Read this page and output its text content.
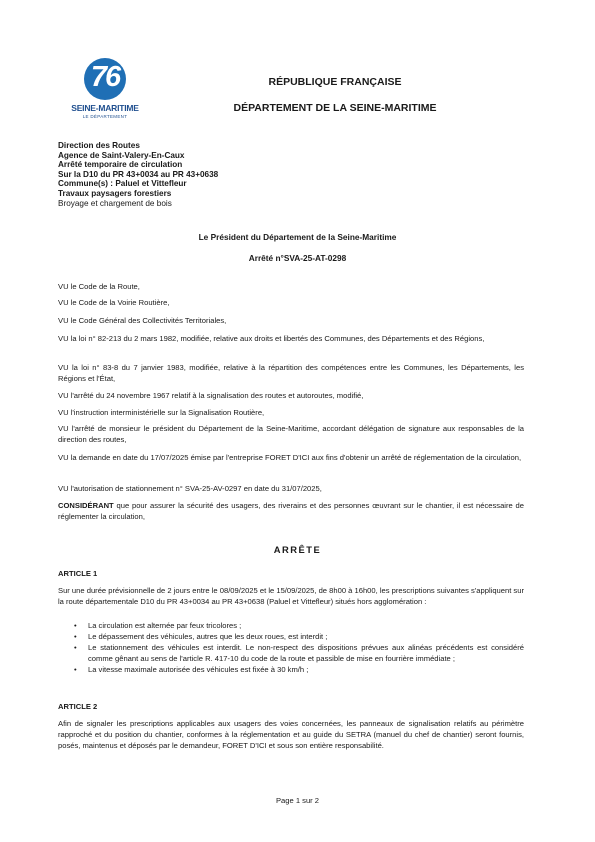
76
SEINE-MARITIME
LE DÉPARTEMENT
RÉPUBLIQUE FRANÇAISE
DÉPARTEMENT DE LA SEINE-MARITIME
Direction des Routes
Agence de Saint-Valery-En-Caux
Arrêté temporaire de circulation
Sur la D10 du PR 43+0034 au PR 43+0638
Commune(s) : Paluel et Vittefleur
Travaux paysagers forestiers
Broyage et chargement de bois
Le Président du Département de la Seine-Maritime
Arrêté n°SVA-25-AT-0298
VU le Code de la Route,
VU le Code de la Voirie Routière,
VU le Code Général des Collectivités Territoriales,
VU la loi n° 82-213 du 2 mars 1982, modifiée, relative aux droits et libertés des Communes, des Départements et des Régions,
VU la loi n° 83-8 du 7 janvier 1983, modifiée, relative à la répartition des compétences entre les Communes, les Départements, les Régions et l'État,
VU l'arrêté du 24 novembre 1967 relatif à la signalisation des routes et autoroutes, modifié,
VU l'instruction interministérielle sur la Signalisation Routière,
VU l'arrêté de monsieur le président du Département de la Seine-Maritime, accordant délégation de signature aux responsables de la direction des routes,
VU la demande en date du 17/07/2025 émise par l'entreprise FORET D'ICI aux fins d'obtenir un arrêté de réglementation de la circulation,
VU l'autorisation de stationnement n° SVA-25-AV-0297 en date du 31/07/2025,
CONSIDÉRANT que pour assurer la sécurité des usagers, des riverains et des personnes œuvrant sur le chantier, il est nécessaire de réglementer la circulation,
ARRÊTE
ARTICLE 1
Sur une durée prévisionnelle de 2 jours entre le 08/09/2025 et le 15/09/2025, de 8h00 à 16h00, les prescriptions suivantes s'appliquent sur la route départementale D10 du PR 43+0034 au PR 43+0638 (Paluel et Vittefleur) situés hors agglomération :
• La circulation est alternée par feux tricolores ;
• Le dépassement des véhicules, autres que les deux roues, est interdit ;
• Le stationnement des véhicules est interdit. Le non-respect des dispositions prévues aux alinéas précédents est considéré comme gênant au sens de l'article R. 417-10 du code de la route et passible de mise en fourrière immédiate ;
• La vitesse maximale autorisée des véhicules est fixée à 30 km/h ;
ARTICLE 2
Afin de signaler les prescriptions applicables aux usagers des voies concernées, les panneaux de signalisation relatifs au périmètre rapproché et du position du chantier, conformes à la réglementation et au guide du SETRA (manuel du chef de chantier) seront fournis, posés, maintenus et déposés par le demandeur, FORET D'ICI et sous son entière responsabilité.
Page 1 sur 2
